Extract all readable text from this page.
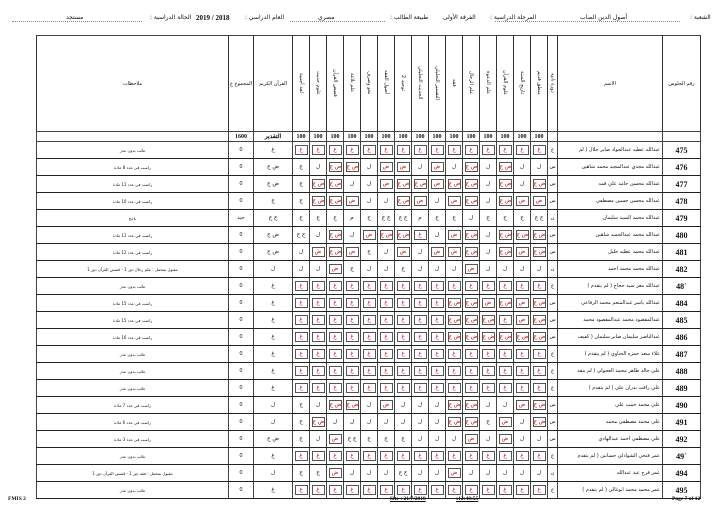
الشعبة :
أصول الدين الصاب
المرحلة الدراسية :
الفرقة الأولى
طبيعة الطالب :
مصري
العام الدراسي :
2018 / 2019
الحالة الدراسية :
مستجد
ملاحظات	المجموع ع	القرآن الكريم	لغة أجنبية	علوم حديث	قصص القرآن	علم بلاغة	نحو وصرف	أصول الفقه	توحيد 2	الحديث التحليلي	التفسير التحليلي	فقه	علم الرجال	علم الدعوة	علوم القرآن	تاريخ السنة	منطق قديم	دورة ثانية	الاسم	رقم الجلوس
	1600	التقدير	100	100	100	100	100	100	100	100	100	100	100	100	100	100	100			
غائب بدون عذر	0	غ	غ	غ	غ	غ	غ	غ	غ	غ	غ	غ	غ	غ	غ	غ	غ	غ	عبدالله عطيه عبدالجواد صابر جلال ( لم	475
راسب في عدد 8 مادة	0	ض ج	ج	ل	ض ج	ض ج	ل	ض	ض	ل	ض	ل	ض ج	ل	ض ج	ل	ل	س	عبدالله مجدي عبدالمجيد محمد شاهين	476
راسب في عدد 11 مادة	0	ض ج	ج	ض ج	ض ج	ل	ل	ض	ض ج	ض ج	ض	ض ج	ض ج	ل	ض ج	ل	ض ج	س	عبدالله محسن حامد علي قمه	477
راسب في عدد 10 مادة	0	ج	ج	ض ج	ض ج	ض	ل	ل	ض ج	ض	ل	ض	ض ج	ل	ض ج	ض	ض	س	عبدالله محسن حسين مصطفي	478
ناجح	جيد	ج ج	ج	ج	ج	م	ج	ج ج	ج ج	م	ج	ج	ل	ج	ج	ج	ج ج	ن	عبدالله محمد السيد سليمان	479
راسب في عدد 11 مادة	0	ض ج	ج ج	ل	ض ج	ل	ض	ض ج	ض ج	غ	ل	ض	ض ج	ل	ض ج	ض ج	ض ج	س	عبدالله محمد عبدالحميد شاهين	480
راسب في عدد 12 مادة	0	ض ج	ل	ض	ض ج	ض	ج	ل	ض	ل	ض	ض	ض ج	ل	ض ج	ض	ض ج	س	عبدالله محمد عطيه خليل	481
مقبول بمحمل : علم رجال دور 1 - قصص القرآن دور 1	0	ل	ل	ل	ض	ج	ل	ل	ج	ل	ل	ل	ض	ل	ل	ل	ل	ن	عبدالله محمد محمد احمد	482
غائب بدون عذر	0	غ	غ	غ	غ	غ	غ	غ	غ	غ	غ	غ	غ	غ	غ	غ	غ	غ	عبدالله معز سيد حجاج ( لم يتقدم )	48`
راسب في عدد 15 مادة	0	غ	غ	غ	غ	غ	غ	غ	غ	غ	غ	ض ج	ض ج	ض	ض ج	ض	ض ج	س	عبدالله ياسر عبدالمنعم محمد الرفاعي	484
راسب في عدد 15 مادة	0	غ	غ	غ	غ	غ	غ	غ	غ	غ	غ	ض ج	ض ج	ض ج	غ	ض	ض ج	س	عبدالمقصود محمد عبدالمقصود محمد	485
راسب في عدد 16 مادة	0	غ	غ	غ	غ	غ	غ	غ	غ	غ	غ	ض ج	ض ج	ض ج	ض ج	ض ج	ض ج	س	عبدالناصر سليمان صابر سليمان ( كفيف	486
غائب بدون عذر	0	غ	غ	غ	غ	غ	غ	غ	غ	غ	غ	غ	غ	غ	غ	غ	غ	غ	علاء سعد حمزه الحناوي ( لم يتقدم )	487
غائب بدون عذر	0	غ	غ	غ	غ	غ	غ	غ	غ	غ	غ	غ	غ	غ	غ	غ	غ	غ	علي خالد طاهر محمد العجولي ( لم يتقد	488
غائب بدون عذر	0	غ	غ	غ	غ	غ	غ	غ	غ	غ	غ	غ	غ	غ	غ	غ	غ	غ	علي رافت بدران علي ( لم يتقدم )	489
راسب في عدد 7 مادة	0	ل	ج	ل	ض ج	ض ج	ل	ض	ل	ل	ل	ض ج	ض ج	ل	ل	ض	ض ج	س	علي محمد حبيب علي	490
راسب في عدد 6 مادة	0	ل	ج	ض ج	ل	ل	ل	ل	ل	ل	ل	ض ج	ض ج	ج	ض	ل	ض ج	س	علي محمد مصطفي محمد	491
راسب في عدد 3 مادة	0	ض ج	ج	ل	ض	ج ج	ج	ج	ج	ل	ل	ل	ض	ل	ض	ل	ل	س	علي مصطفي احمد عبدالهادي	492
غائب بدون عذر	0	غ	غ	غ	غ	غ	غ	غ	غ	غ	غ	غ	غ	غ	غ	غ	غ	غ	عمر فتحي الشواذلي حسانين ( لم يتقدم	49`
مقبول بمحمل : فقه دور 1 - قصص القرآن دور 1	0	ل	ج	ج	ض	ل	ل	ل	ج ج	ل	ل	ض	ل	ل	ل	ل	ل	ن	عمر فرج عيد عبدالله	494
غائب بدون عذر	0	غ	غ	غ	غ	غ	غ	غ	غ	غ	غ	غ	غ	غ	غ	غ	غ	غ	عمر محمد محمد ابوغالي ( لم يتقدم )	495
FMIS 2	Site : 21/7/2019	s12:40:55	Page 7 of 12
